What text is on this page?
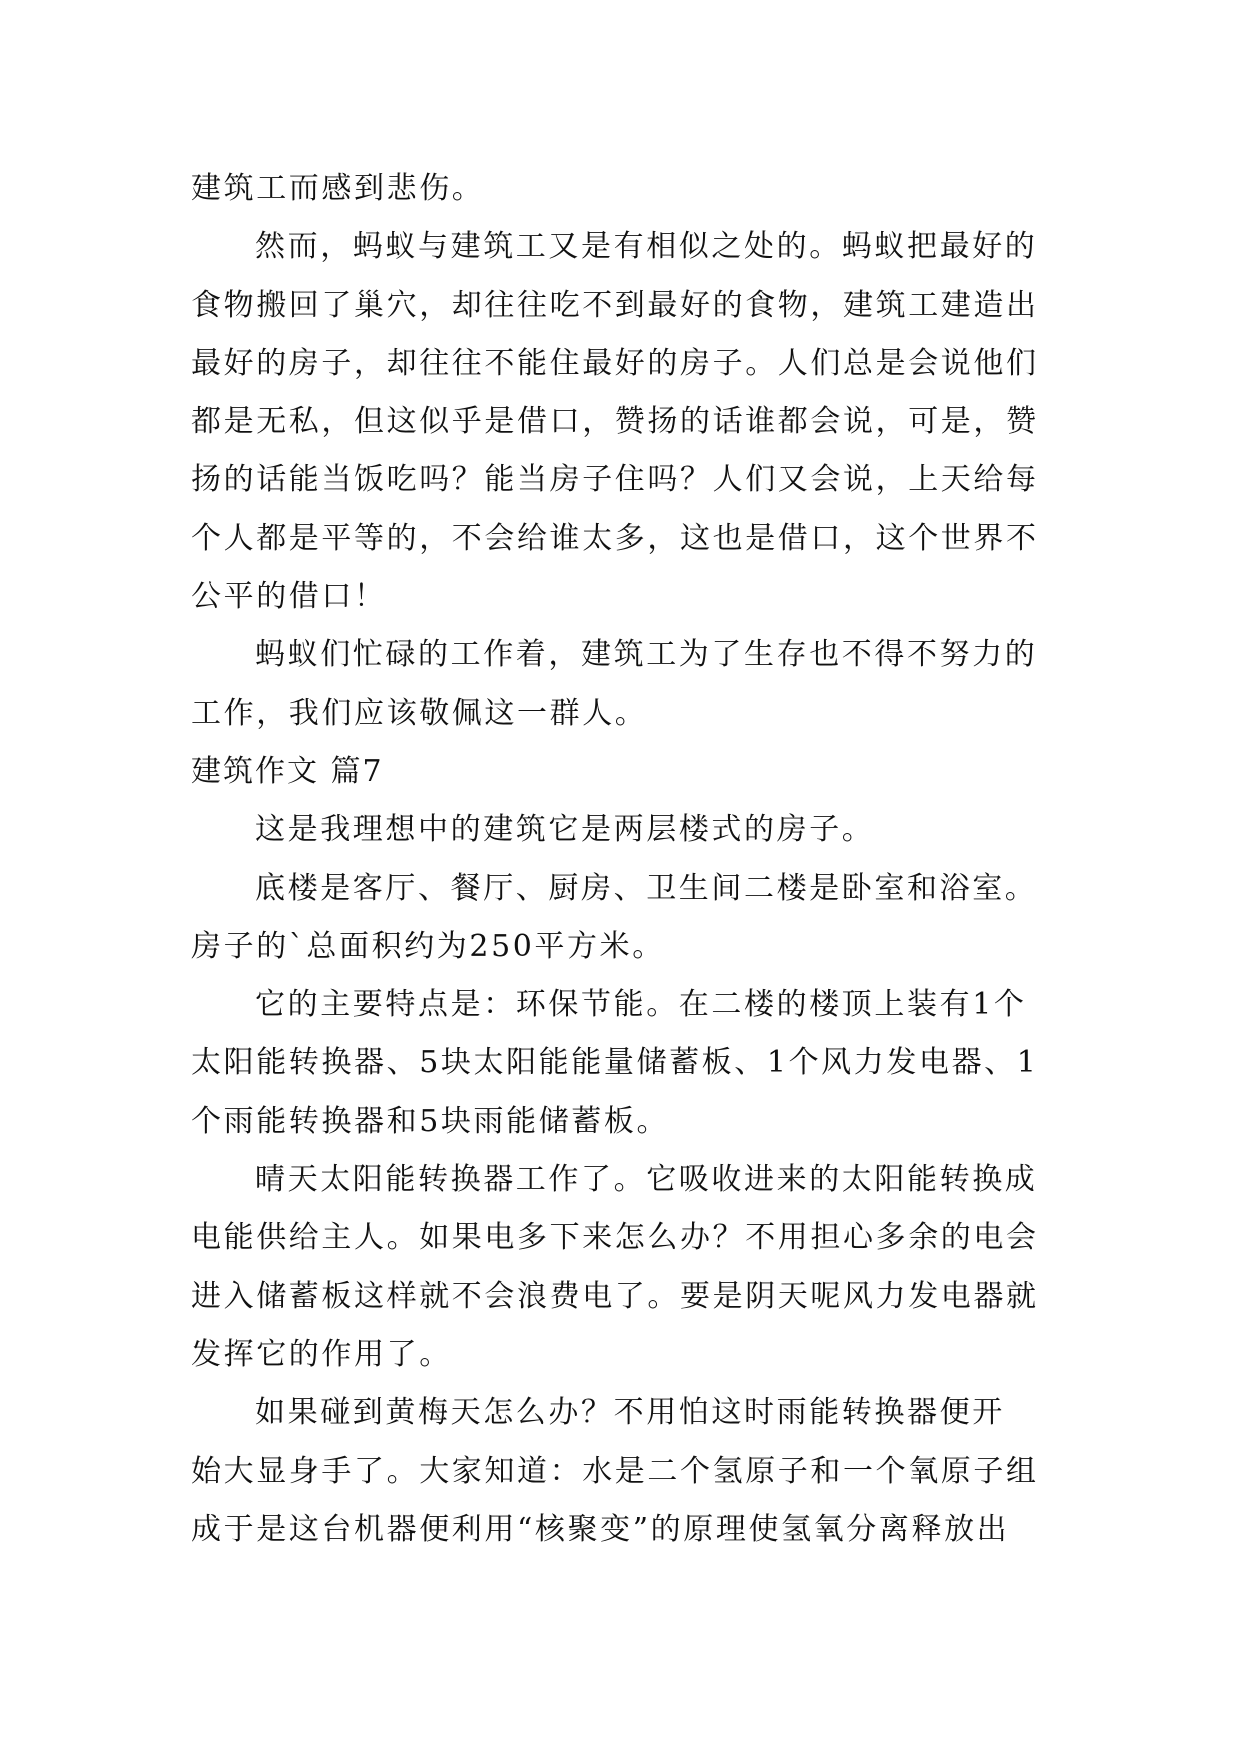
建筑工而感到悲伤。
然而，蚂蚁与建筑工又是有相似之处的。蚂蚁把最好的
食物搬回了巢穴，却往往吃不到最好的食物，建筑工建造出
最好的房子，却往往不能住最好的房子。人们总是会说他们
都是无私，但这似乎是借口，赞扬的话谁都会说，可是，赞
扬的话能当饭吃吗？能当房子住吗？人们又会说，上天给每
个人都是平等的，不会给谁太多，这也是借口，这个世界不
公平的借口！
蚂蚁们忙碌的工作着，建筑工为了生存也不得不努力的
工作，我们应该敬佩这一群人。
建筑作文 篇7
这是我理想中的建筑它是两层楼式的房子。
底楼是客厅、餐厅、厨房、卫生间二楼是卧室和浴室。
房子的`总面积约为250平方米。
它的主要特点是：环保节能。在二楼的楼顶上装有1个
太阳能转换器、5块太阳能能量储蓄板、1个风力发电器、1
个雨能转换器和5块雨能储蓄板。
晴天太阳能转换器工作了。它吸收进来的太阳能转换成
电能供给主人。如果电多下来怎么办？不用担心多余的电会
进入储蓄板这样就不会浪费电了。要是阴天呢风力发电器就
发挥它的作用了。
如果碰到黄梅天怎么办？不用怕这时雨能转换器便开
始大显身手了。大家知道：水是二个氢原子和一个氧原子组
成于是这台机器便利用“核聚变”的原理使氢氧分离释放出
